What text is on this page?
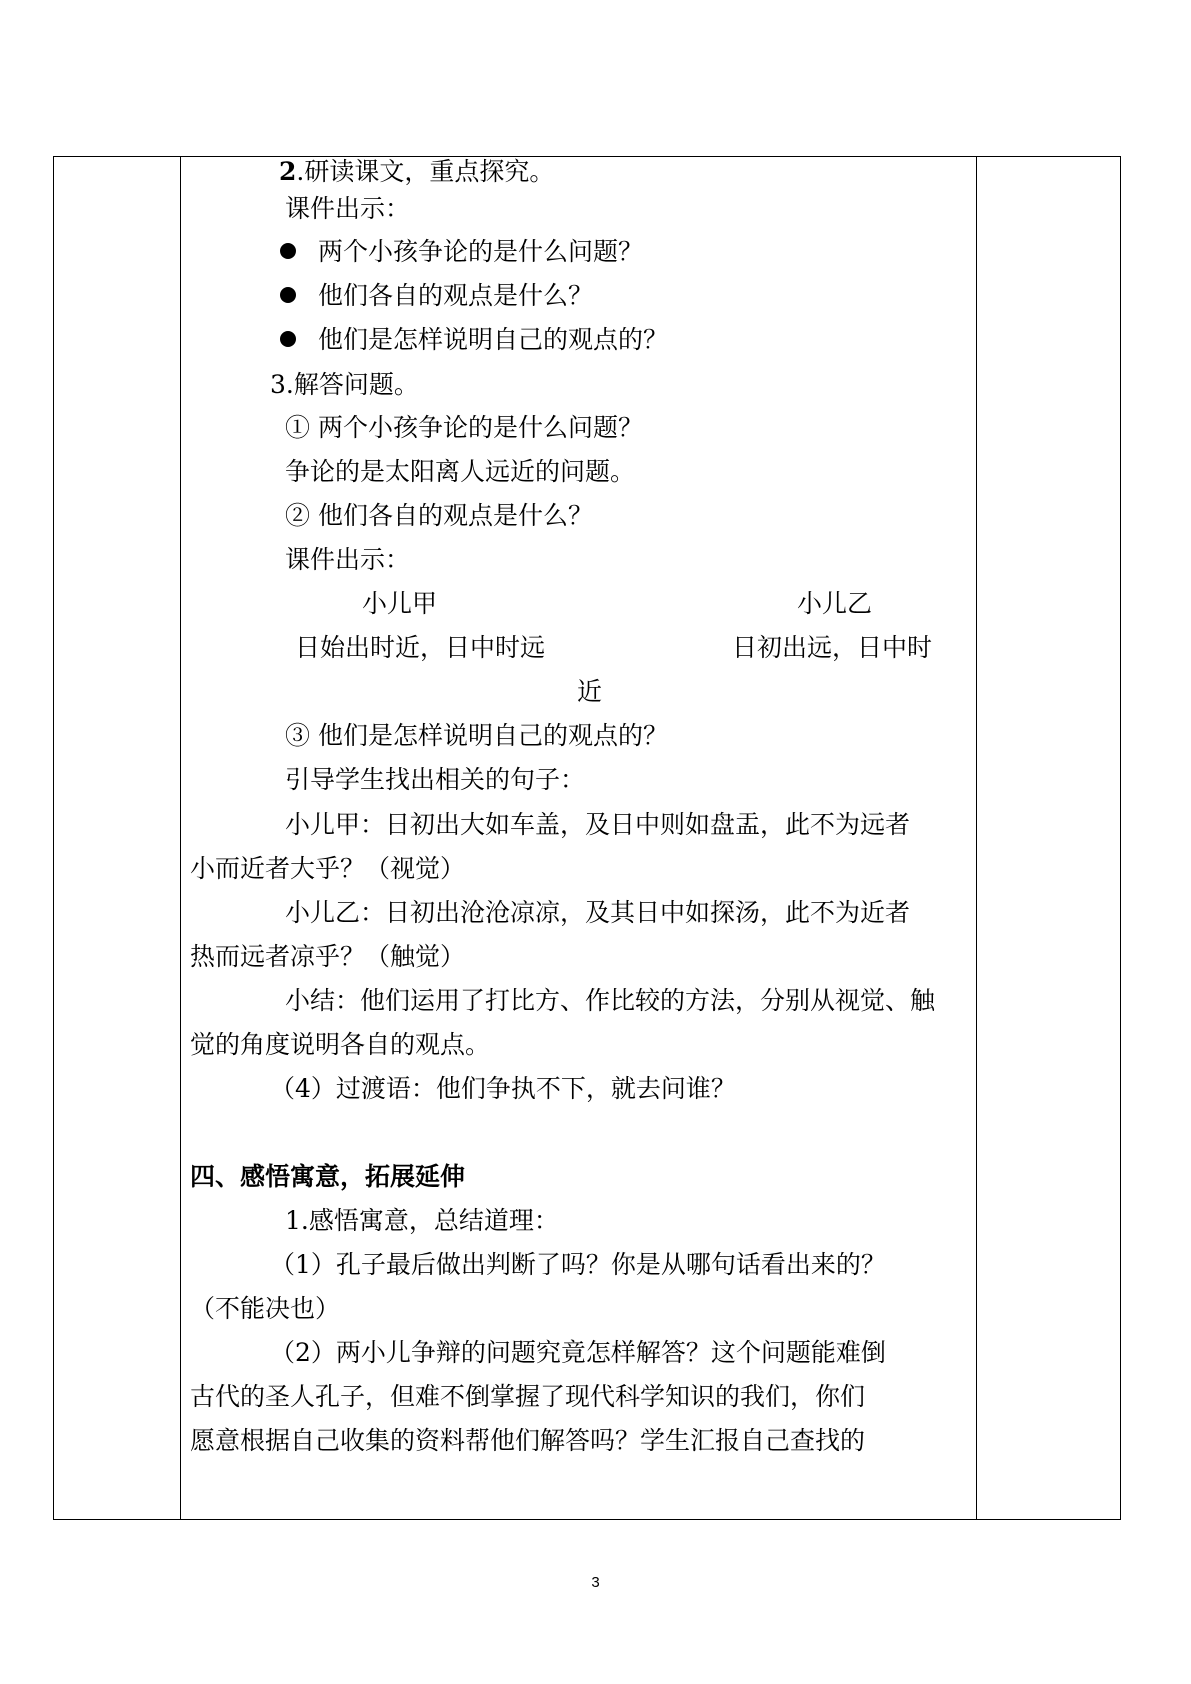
2.研读课文，重点探究。
课件出示：
两个小孩争论的是什么问题？
他们各自的观点是什么？
他们是怎样说明自己的观点的？
3.解答问题。
① 两个小孩争论的是什么问题？
争论的是太阳离人远近的问题。
② 他们各自的观点是什么？
课件出示：
小儿甲	小儿乙
日始出时近，日中时远	日初出远，日中时
近
③ 他们是怎样说明自己的观点的？
引导学生找出相关的句子：
小儿甲：日初出大如车盖，及日中则如盘盂，此不为远者
小而近者大乎？（视觉）
小儿乙：日初出沧沧凉凉，及其日中如探汤，此不为近者
热而远者凉乎？（触觉）
小结：他们运用了打比方、作比较的方法，分别从视觉、触
觉的角度说明各自的观点。
（4）过渡语：他们争执不下，就去问谁？
四、感悟寓意，拓展延伸
1.感悟寓意，总结道理：
（1）孔子最后做出判断了吗？你是从哪句话看出来的？
（不能决也）
（2）两小儿争辩的问题究竟怎样解答？这个问题能难倒
古代的圣人孔子，但难不倒掌握了现代科学知识的我们，你们
愿意根据自己收集的资料帮他们解答吗？学生汇报自己查找的
3
